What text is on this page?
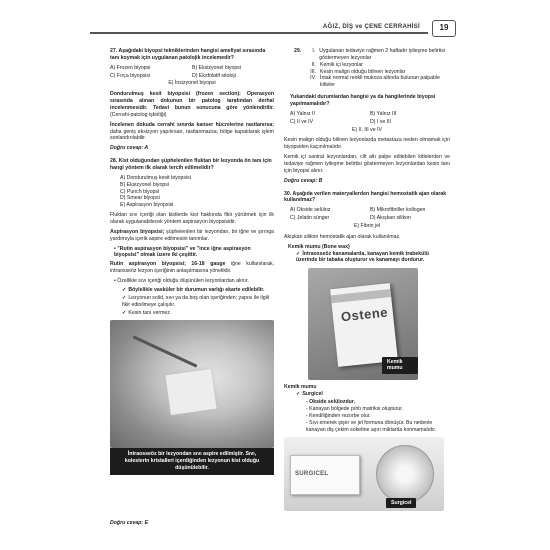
AĞIZ, DİŞ ve ÇENE CERRAHİSİ	19
27. Aşağıdaki biyopsi tekniklerinden hangisi ameliyat sırasında tanı koymak için uygulanan patolojik incelemedir?
A) Frozen biyopsi	B) Eksizyonel biyopsi
C) Fırça biyopsisi	D) Eksfolatif sitoloji
E) İnsizyonel biyopsi
Dondurulmuş kesit biyopsisi (frozen section): Operasyon sırasında alınan dokunun bir patolog tarafından derhal incelenmesidir. Tedavi bunun sonucuna göre yönlendirilir. (Cerrahi-patolog işbirliği)
İncelenen dokuda cerrahi sınırda kanser hücrelerine rastlanırsa; daha geniş eksizyon yapılırsan, rastlanmazsa; bölge kapatılarak işlem sonlandırılabilir.
Doğru cevap: A
28. Kist olduğundan şüphelenilen fluktan bir lezyonda ön tanı için hangi yöntem ilk olarak tercih edilmelidir?
A) Dondurulmuş kesit biyopsisi
B) Eksizyonel biyopsi
C) Punch biyopsi
D) Smear biyopsi
E) Aspirasyon biyopsisi
Fluktan sıvı içeriği olan kistlerde kist hakkında fikir yürütmek için ilk olarak uygulanabilecek yöntem aspirasyon biyopsisidir.
Aspirasyon biyopsisi; şüphelenilen bir lezyondan, bir iğne ve şırınga yardımıyla içerik aspire edilmesini tanımlar.
• "Rutin aspirasyon biyopsisi" ve "ince iğne aspirasyon biyopsisi" olmak üzere iki çeşittir.
Rutin aspirasyon biyopsisi; 16-18 gauge iğne kullanılarak, intraosseöz lezyon içeriğinin anlaşılmasına yöneliktir.
• Özellikle sıvı içeriği olduğu düşünülen lezyonlardan alınır.
✓ Böylelikle vasküler bir durumun varlığı ekarte edilebilir.
✓ Lezyonun solid, sıvı ya da boş olan içeriğinden; yapısı ile ilgili fikir edinilmeye çalışılır.
✓ Kesin tanı vermez.
İntraosseöz bir lezyondan sıvı aspire edilmiştir. Sıvı, kolesterin kristalleri içerdiğinden lezyonun kist olduğu düşünülebilir.
Doğru cevap: E
29.	I. Uygulanan tedaviye rağmen 2 haftadır iyileşme belirtisi göstermeyen lezyonlar
II. Kemik içi lezyonlar
III. Kesin malign olduğu bilinen lezyonlar
IV. İntak normal renkli mukoza altında bulunan palpable kitleler
Yukarıdaki durumlardan hangisi ya da hangilerinde biyopsi yapılmamalıdır?
A) Yalnız II	B) Yalnız III
C) II ve IV	D) I ve III
E) II, III ve IV
Kesin malign olduğu bilinen lezyonlarda metastaza neden olmamak için biyopsiden kaçınılmalıdır.
Kemik içi santral lezyonlardan, cilt altı palpe edilebilen kitlelerden ve tedaviye rağmen iyileşme belirtisi göstermeyen lezyonlardan kesin tanı için biyopsi alınır.
Doğru cevap: B
30. Aşağıda verilen materyallerden hangisi hemostatik ajan olarak kullanılmaz?
A) Okside selüloz	B) Mikrofibriller kollogen
C) Jelatin sünger	D) Akışkan silikon
E) Fibrin jel
Akışkan silikon hemostatik ajan olarak kullanılmaz.
Kemik mumu (Bone wax)
✓ İntraosseöz kanamalarda, kanayan kemik trabekülü üzerinde bir tabaka oluşturur ve kanamayı durdurur.
Ostene
Kemik mumu
Kemik mumu
✓ Surgicel
- Okside selülozdur.
- Kanayan bölgede pıhtı matriksi oluşturur.
- Kendiliğinden rezorbe olur.
- Sıvı emerek şişer ve jel formuna dönüşür. Bu nedenle kanayan diş çekim soketine aşırı miktarda konmamalıdır.
SURGICEL
Surgicel
